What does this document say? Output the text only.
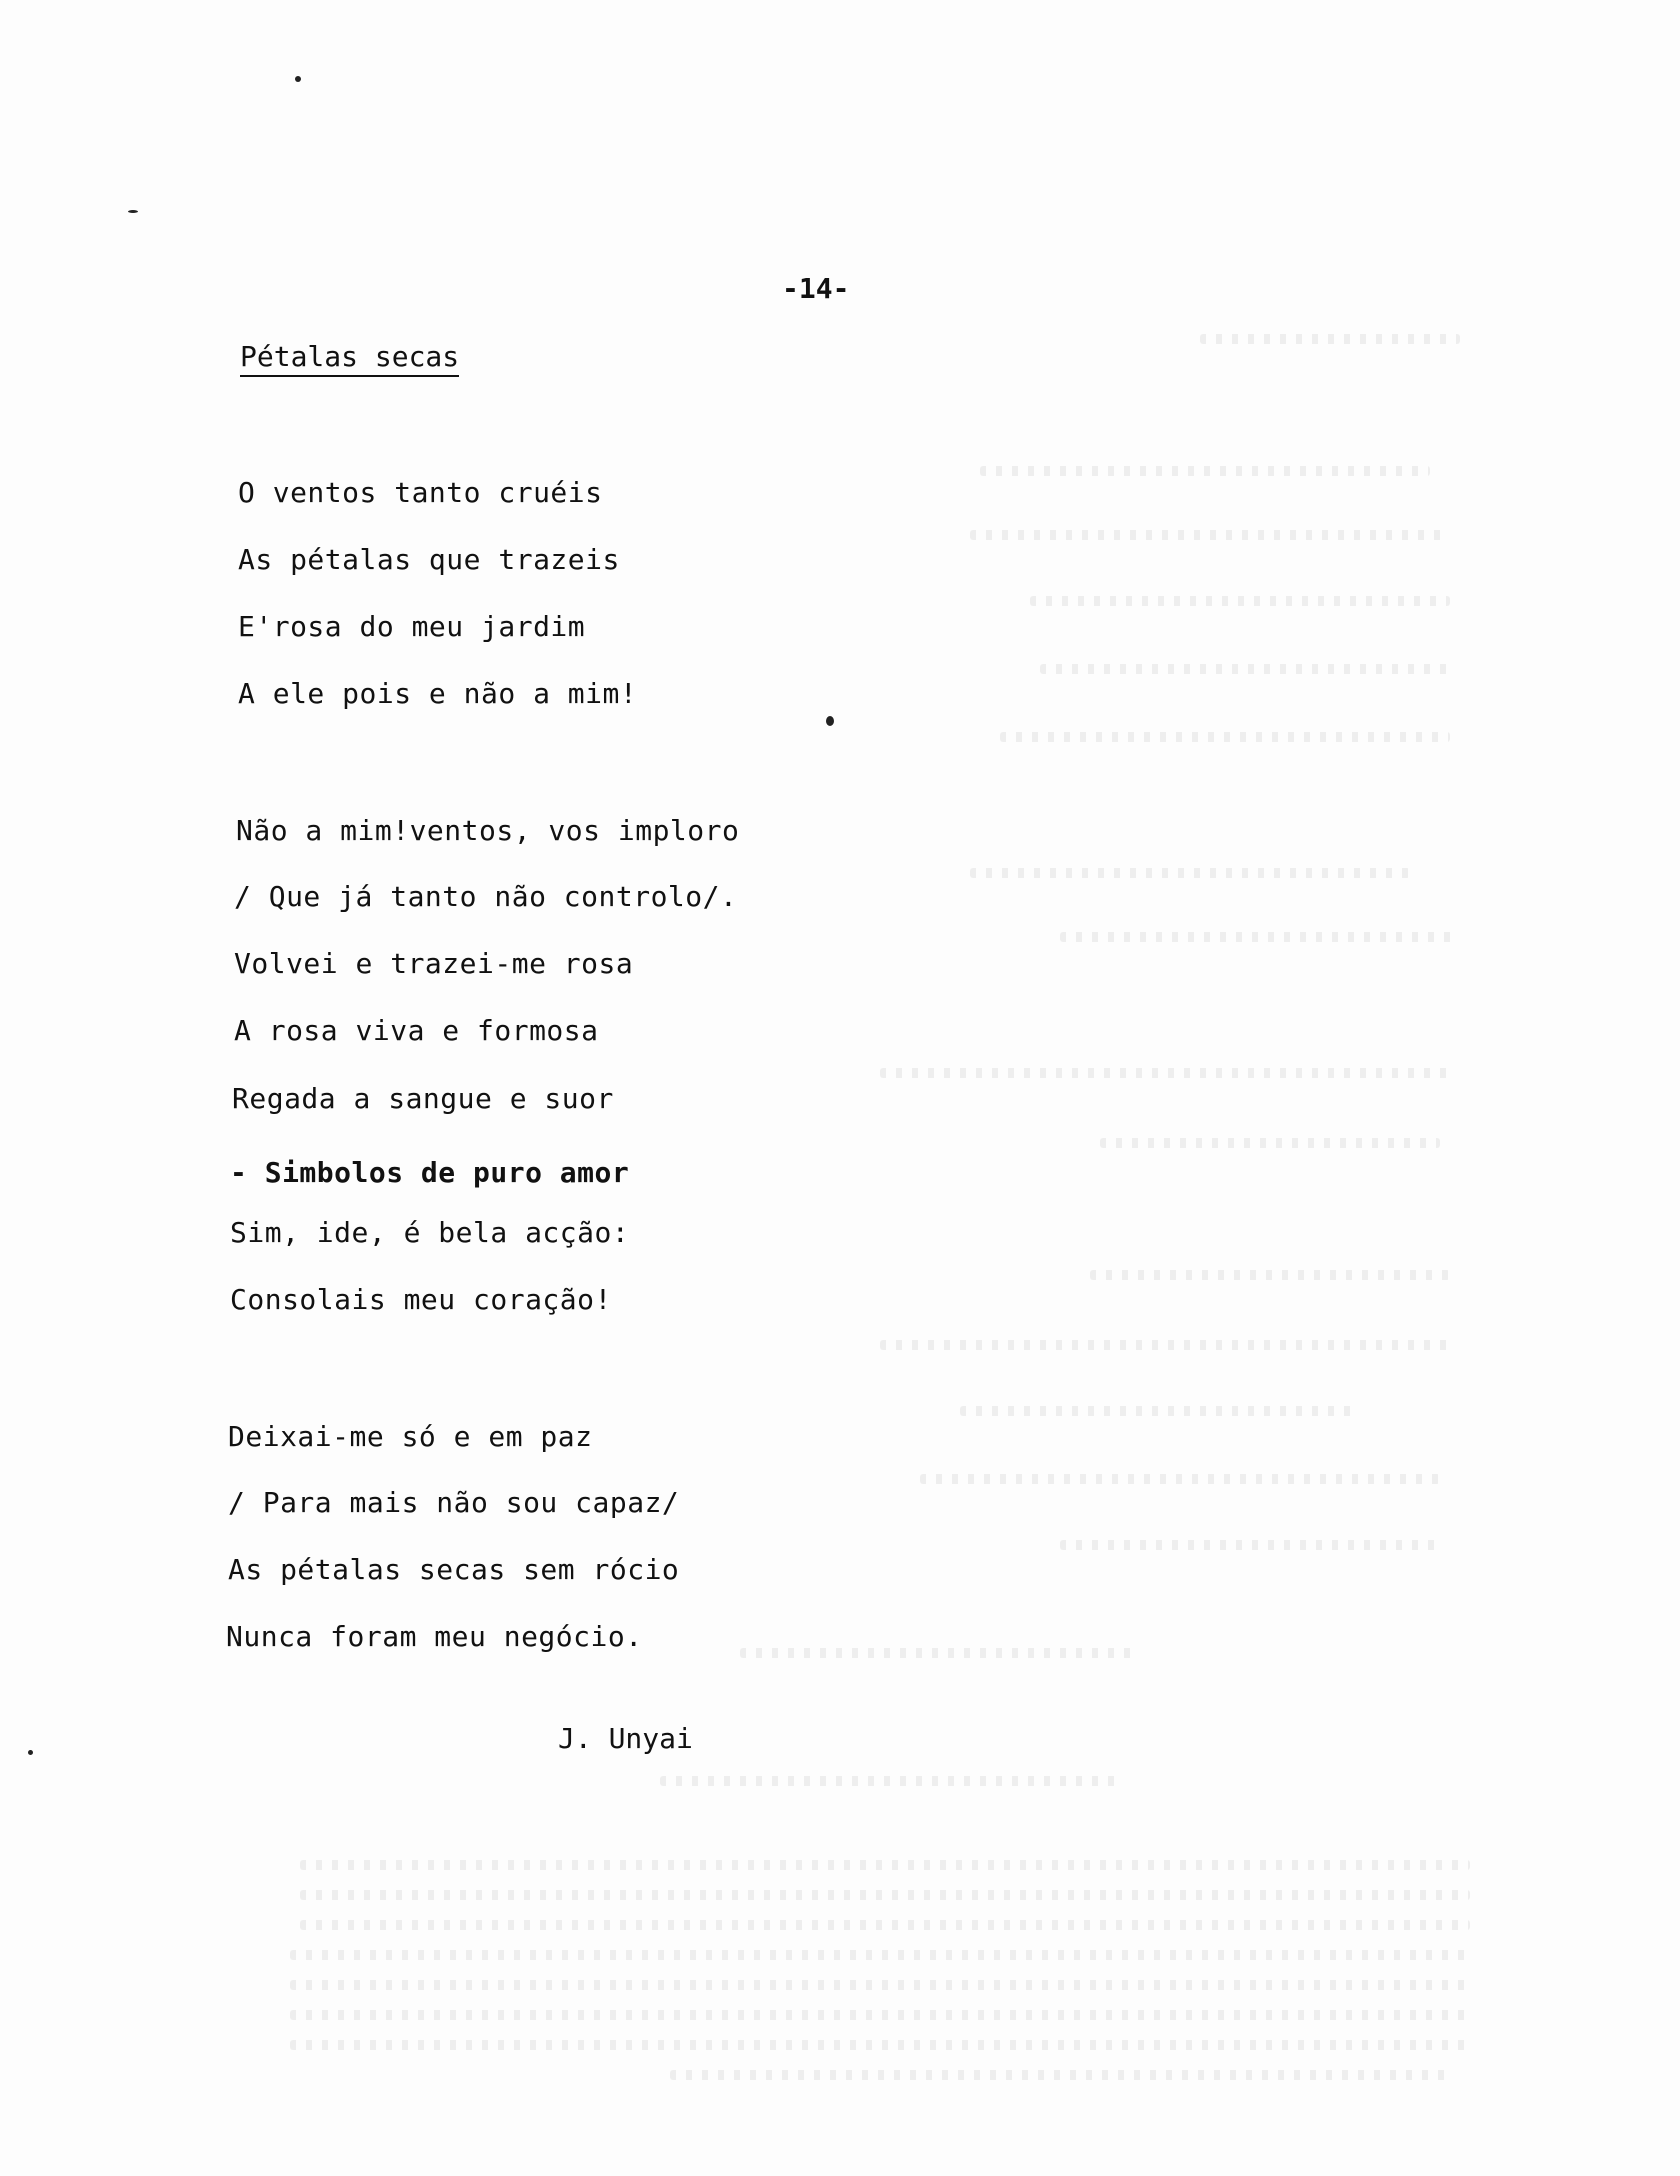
-14-
Pétalas secas
O ventos tanto cruéis
As pétalas que trazeis
E'rosa do meu jardim
A ele pois e não a mim!
Não a mim!ventos, vos imploro
/ Que já tanto não controlo/.
Volvei e trazei-me rosa
A rosa viva e formosa
Regada a sangue e suor
- Simbolos de puro amor
Sim, ide, é bela acção:
Consolais meu coração!
Deixai-me só e em paz
/ Para mais não sou capaz/
As pétalas secas sem rócio
Nunca foram meu negócio.
J. Unyai
